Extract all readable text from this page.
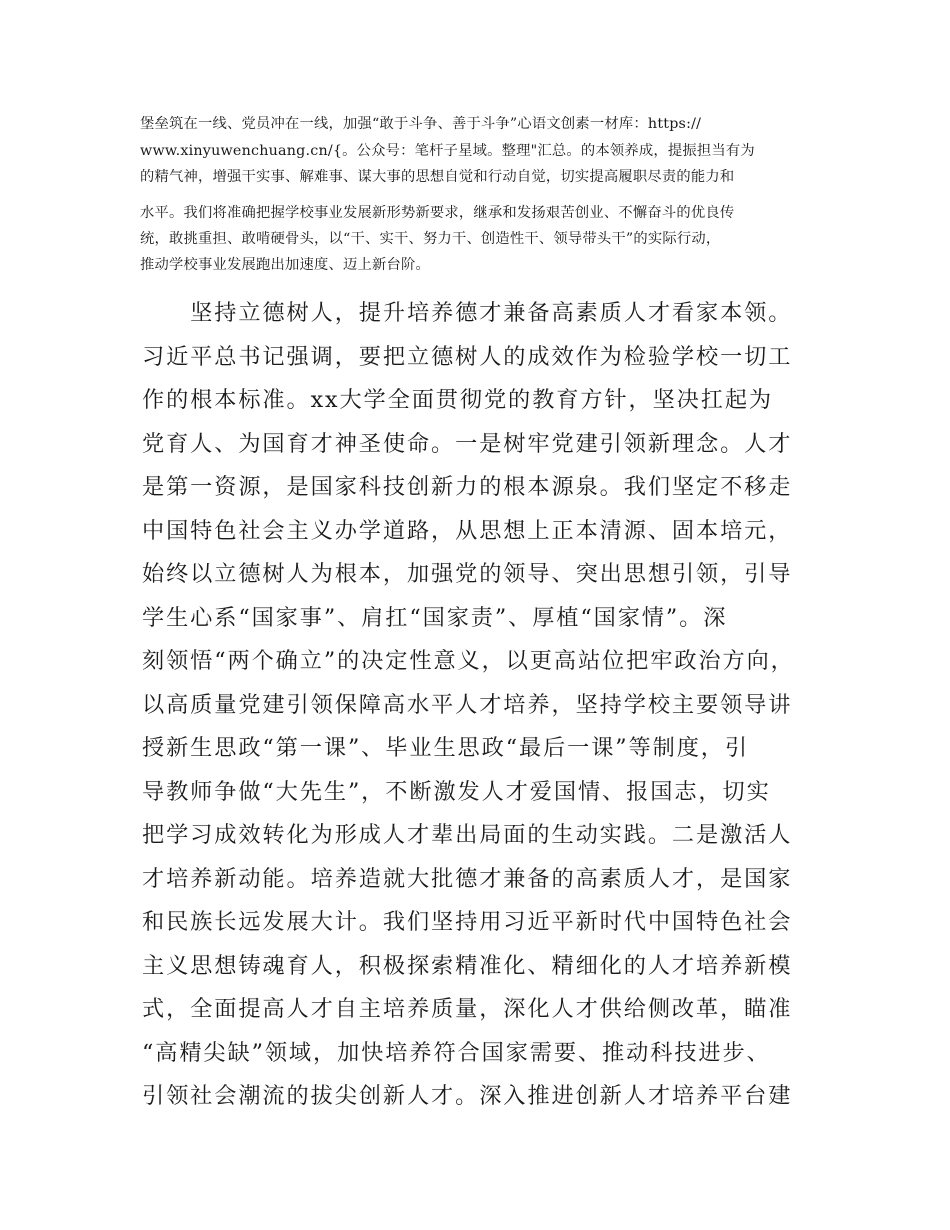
堡垒筑在一线、党员冲在一线，加强“敢于斗争、善于斗争”心语文创素一材库：https://
www.xinyuwenchuang.cn/{。公众号：笔杆子星域。整理"汇总。的本领养成，提振担当有为
的精气神，增强干实事、解难事、谋大事的思想自觉和行动自觉，切实提高履职尽责的能力和
水平。我们将准确把握学校事业发展新形势新要求，继承和发扬艰苦创业、不懈奋斗的优良传
统，敢挑重担、敢啃硬骨头，以“干、实干、努力干、创造性干、领导带头干”的实际行动，
推动学校事业发展跑出加速度、迈上新台阶。
　　坚持立德树人，提升培养德才兼备高素质人才看家本领。
习近平总书记强调，要把立德树人的成效作为检验学校一切工
作的根本标准。xx大学全面贯彻党的教育方针，坚决扛起为
党育人、为国育才神圣使命。一是树牢党建引领新理念。人才
是第一资源，是国家科技创新力的根本源泉。我们坚定不移走
中国特色社会主义办学道路，从思想上正本清源、固本培元，
始终以立德树人为根本，加强党的领导、突出思想引领，引导
学生心系“国家事”、肩扛“国家责”、厚植“国家情”。深
刻领悟“两个确立”的决定性意义，以更高站位把牢政治方向，
以高质量党建引领保障高水平人才培养，坚持学校主要领导讲
授新生思政“第一课”、毕业生思政“最后一课”等制度，引
导教师争做“大先生”，不断激发人才爱国情、报国志，切实
把学习成效转化为形成人才辈出局面的生动实践。二是激活人
才培养新动能。培养造就大批德才兼备的高素质人才，是国家
和民族长远发展大计。我们坚持用习近平新时代中国特色社会
主义思想铸魂育人，积极探索精准化、精细化的人才培养新模
式，全面提高人才自主培养质量，深化人才供给侧改革，瞄准
“高精尖缺”领域，加快培养符合国家需要、推动科技进步、
引领社会潮流的拔尖创新人才。深入推进创新人才培养平台建
